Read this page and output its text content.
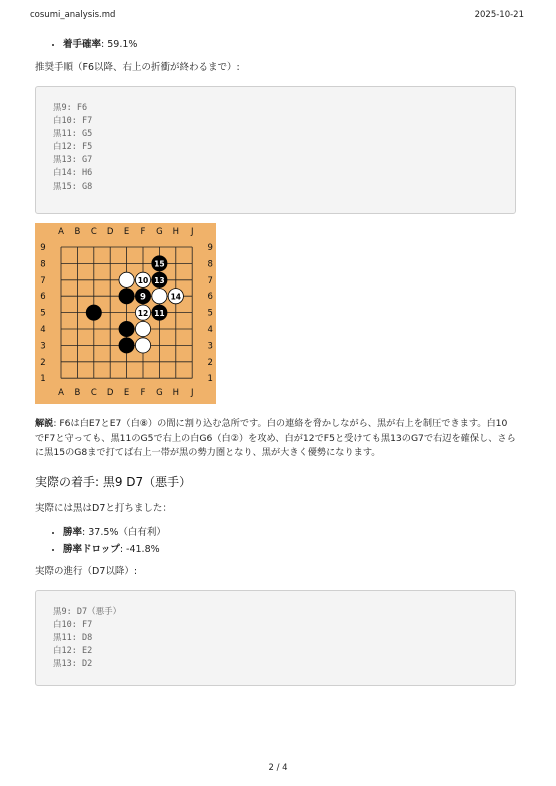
cosumi_analysis.md	2025-10-21
• 着手確率: 59.1%

推奨手順（F6以降、右上の折衝が終わるまで）:

黒9: F6
白10: F7
黒11: G5
白12: F5
黒13: G7
白14: H6
黒15: G8
A
A
B
B
C
C
D
D
E
E
F
F
G
G
H
H
J
J
9	9
8	8
7	7
6	6
5	5
4	4
3	3
2	2
1	1
15
10 13
9	14
12 11

解説: F6は白E7とE7（白⑧）の間に割り込む急所です。白の連絡を脅かしながら、黒が右上を制圧できます。白10でF7と守っても、黒11のG5で右上の白G6（白②）を攻め、白が12でF5と受けても黒13のG7で右辺を確保し、さらに黒15のG8まで打てば右上一帯が黒の勢力圏となり、黒が大きく優勢になります。

実際の着手: 黒9 D7（悪手）

実際には黒はD7と打ちました：

• 勝率: 37.5%（白有利）
• 勝率ドロップ: -41.8%

実際の進行（D7以降）:

黒9: D7（悪手）
白10: F7
黒11: D8
白12: E2
黒13: D2
2 / 4
